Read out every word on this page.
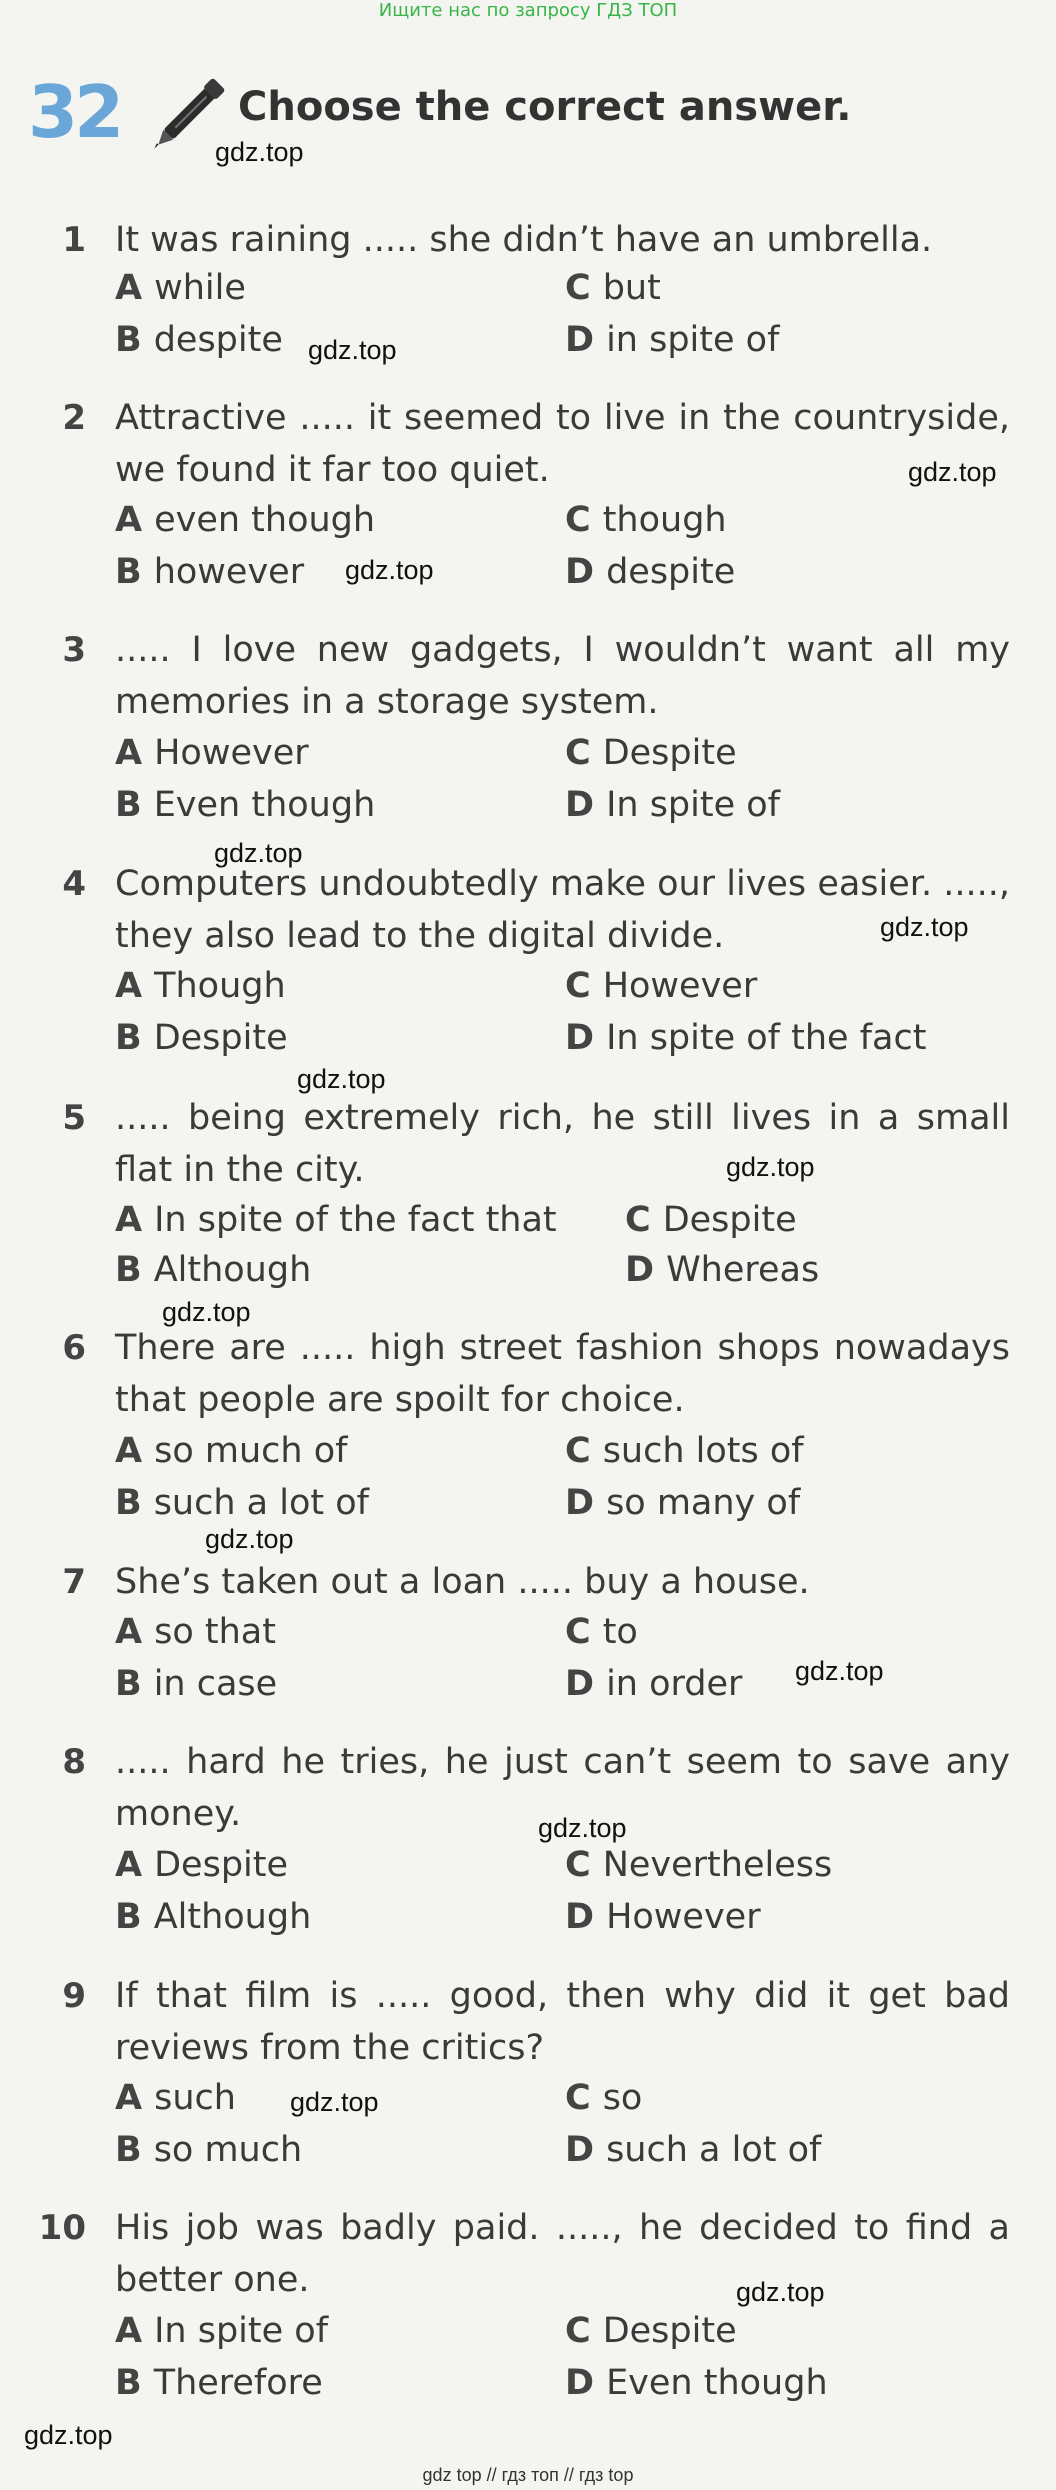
Ищите нас по запросу ГДЗ ТОП
32	Choose the correct answer.
gdz.top
gdz.top
gdz.top
gdz.top
gdz.top
gdz.top
gdz.top
gdz.top
gdz.top
gdz.top
gdz.top
gdz.top
gdz.top
gdz.top
gdz.top
1 It was raining ..... she didn’t have an umbrella.
A while	C but
B despite	D in spite of
2 Attractive ..... it seemed to live in the countryside, we found it far too quiet.
A even though	C though
B however	D despite
3 ..... I love new gadgets, I wouldn’t want all my memories in a storage system.
A However	C Despite
B Even though	D In spite of
4 Computers undoubtedly make our lives easier. ....., they also lead to the digital divide.
A Though	C However
B Despite	D In spite of the fact
5 ..... being extremely rich, he still lives in a small flat in the city.
A In spite of the fact that C Despite
B Although	D Whereas
6 There are ..... high street fashion shops nowadays that people are spoilt for choice.
A so much of	C such lots of
B such a lot of	D so many of
7 She’s taken out a loan ..... buy a house.
A so that	C to
B in case	D in order
8 ..... hard he tries, he just can’t seem to save any money.
A Despite	C Nevertheless
B Although	D However
9 If that film is ..... good, then why did it get bad reviews from the critics?
A such	C so
B so much	D such a lot of
10 His job was badly paid. ....., he decided to find a better one.
A In spite of	C Despite
B Therefore	D Even though
gdz top // гдз топ // гдз top
